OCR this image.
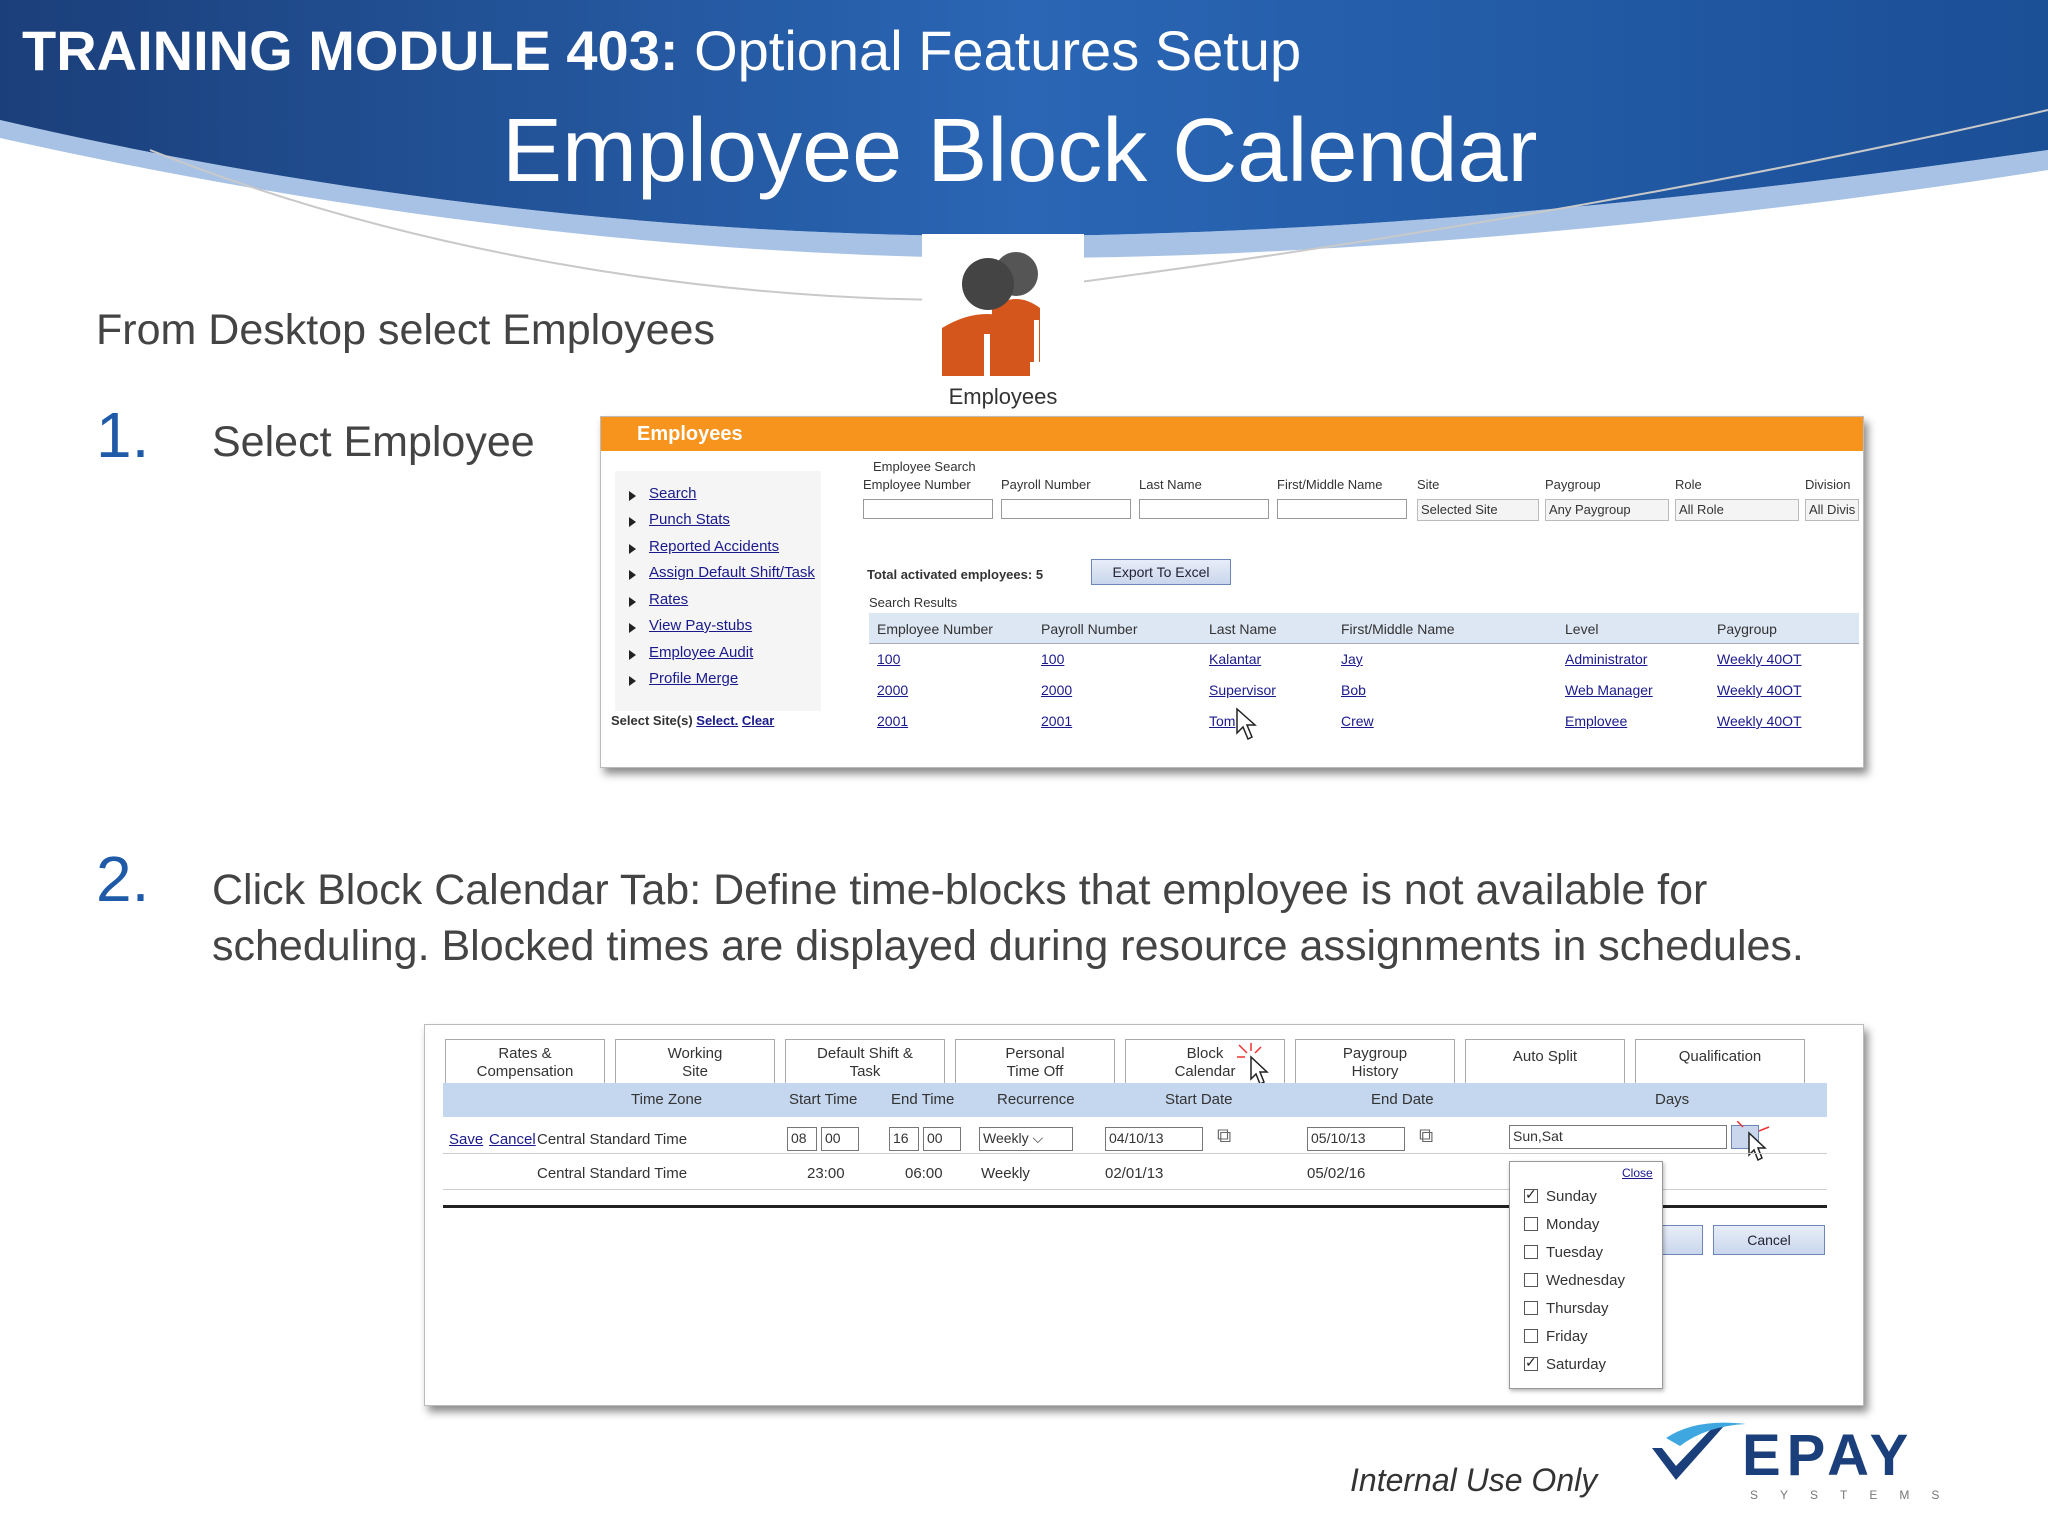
TRAINING MODULE 403: Optional Features Setup
Employee Block Calendar
Employees
From Desktop select Employees
1. Select Employee	Employees
Search
Punch Stats
Reported Accidents
Assign Default Shift/Task
Rates
View Pay-stubs
Employee Audit
Profile Merge
Select Site(s) Select. Clear
Employee Search
Employee Number Payroll Number	Last Name	First/Middle Name	Site	Paygroup	Role	Division
Selected Site	Any Paygroup	All Role	All Divis
Total activated employees: 5	Export To Excel
Search Results
Employee Number	Payroll Number	Last Name	First/Middle Name	Level	Paygroup
100	100	Kalantar	Jay	Administrator	Weekly 40OT
2000	2000	Supervisor	Bob	Web Manager	Weekly 40OT
2001	2001	Tom	Crew	Emplovee	Weekly 40OT
2. Click Block Calendar Tab: Define time-blocks that employee is not available for
scheduling. Blocked times are displayed during resource assignments in schedules.
Rates &
Compensation
Working
Site
Default Shift &
Task
Personal
Time Off
Block
Calendar
Paygroup
History
Auto Split	Qualification
Time Zone	Start Time End Time	Recurrence	Start Date	End Date	Days
Save Cancel Central Standard Time	08	00	16	00	Weekly ⌵	04/10/13	⧉	05/10/13	⧉	Sun,Sat
Central Standard Time	23:00	06:00	Weekly	02/01/13	05/02/16
Cancel
Close
✓Sunday
Monday
Tuesday
Wednesday
Thursday
Friday
✓Saturday
Internal Use Only EPAY
SYSTEMS
